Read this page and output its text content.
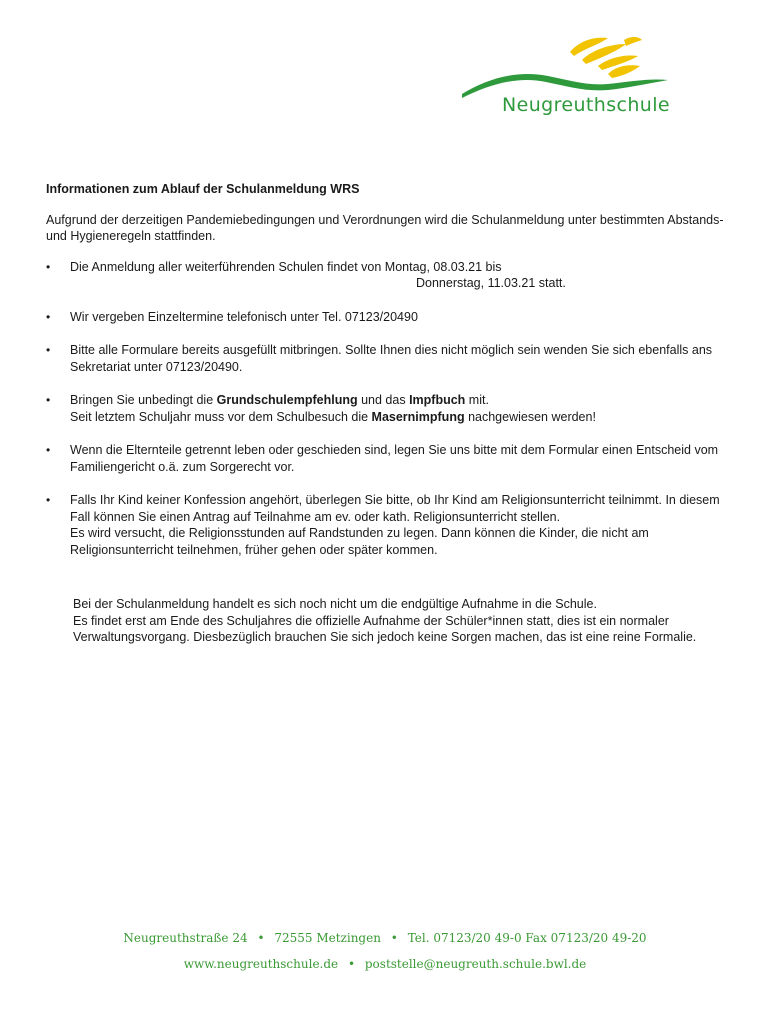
Neugreuthschule
Informationen zum Ablauf der Schulanmeldung WRS
Aufgrund der derzeitigen Pandemiebedingungen und Verordnungen wird die Schulanmeldung unter bestimmten Abstands- und Hygieneregeln stattfinden.
• Die Anmeldung aller weiterführenden Schulen findet von Montag, 08.03.21 bis
Donnerstag, 11.03.21 statt.
• Wir vergeben Einzeltermine telefonisch unter Tel. 07123/20490
• Bitte alle Formulare bereits ausgefüllt mitbringen. Sollte Ihnen dies nicht möglich sein wenden Sie sich ebenfalls ans Sekretariat unter 07123/20490.
• Bringen Sie unbedingt die Grundschulempfehlung und das Impfbuch mit.
Seit letztem Schuljahr muss vor dem Schulbesuch die Masernimpfung nachgewiesen werden!
• Wenn die Elternteile getrennt leben oder geschieden sind, legen Sie uns bitte mit dem Formular einen Entscheid vom Familiengericht o.ä. zum Sorgerecht vor.
• Falls Ihr Kind keiner Konfession angehört, überlegen Sie bitte, ob Ihr Kind am Religionsunterricht teilnimmt. In diesem Fall können Sie einen Antrag auf Teilnahme am ev. oder kath. Religionsunterricht stellen.
Es wird versucht, die Religionsstunden auf Randstunden zu legen. Dann können die Kinder, die nicht am Religionsunterricht teilnehmen, früher gehen oder später kommen.
Bei der Schulanmeldung handelt es sich noch nicht um die endgültige Aufnahme in die Schule.
Es findet erst am Ende des Schuljahres die offizielle Aufnahme der Schüler*innen statt, dies ist ein normaler Verwaltungsvorgang. Diesbezüglich brauchen Sie sich jedoch keine Sorgen machen, das ist eine reine Formalie.
Neugreuthstraße 24 • 72555 Metzingen • Tel. 07123/20 49-0 Fax 07123/20 49-20
www.neugreuthschule.de • poststelle@neugreuth.schule.bwl.de
